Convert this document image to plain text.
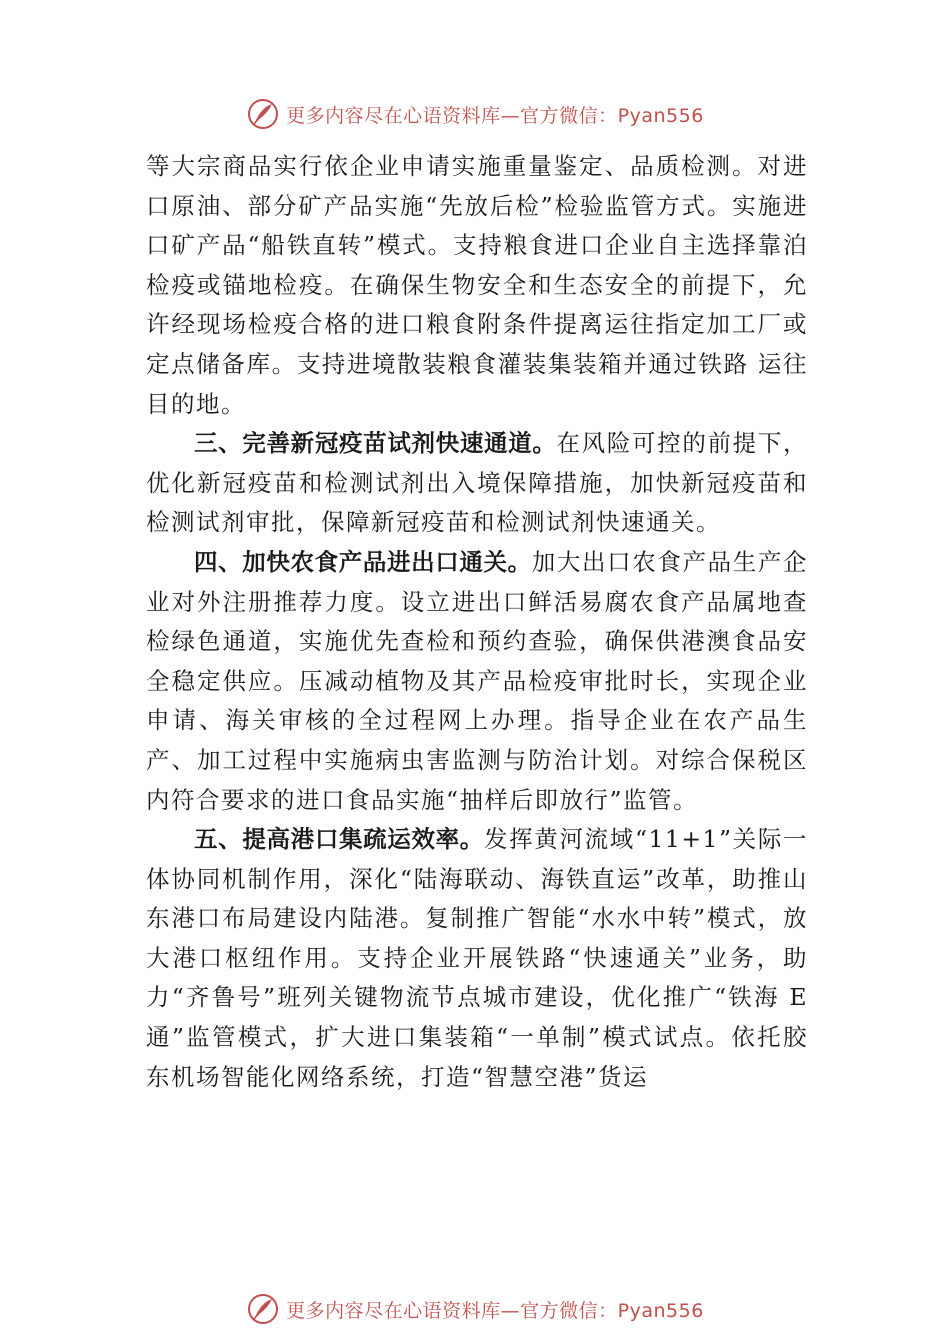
更多内容尽在心语资料库—官方微信：Pyan556

等大宗商品实行依企业申请实施重量鉴定、品质检测。对进口原油、部分矿产品实施“先放后检”检验监管方式。实施进口矿产品“船铁直转”模式。支持粮食进口企业自主选择靠泊检疫或锚地检疫。在确保生物安全和生态安全的前提下，允许经现场检疫合格的进口粮食附条件提离运往指定加工厂或定点储备库。支持进境散装粮食灌装集装箱并通过铁路 运往目的地。

三、完善新冠疫苗试剂快速通道。在风险可控的前提下，优化新冠疫苗和检测试剂出入境保障措施，加快新冠疫苗和检测试剂审批，保障新冠疫苗和检测试剂快速通关。

四、加快农食产品进出口通关。加大出口农食产品生产企业对外注册推荐力度。设立进出口鲜活易腐农食产品属地查检绿色通道，实施优先查检和预约查验，确保供港澳食品安全稳定供应。压减动植物及其产品检疫审批时长，实现企业申请、海关审核的全过程网上办理。指导企业在农产品生产、加工过程中实施病虫害监测与防治计划。对综合保税区内符合要求的进口食品实施“抽样后即放行”监管。

五、提高港口集疏运效率。发挥黄河流域“11+1”关际一体协同机制作用，深化“陆海联动、海铁直运”改革，助推山东港口布局建设内陆港。复制推广智能“水水中转”模式，放大港口枢纽作用。支持企业开展铁路“快速通关”业务，助力“齐鲁号”班列关键物流节点城市建设，优化推广“铁海 E 通”监管模式，扩大进口集装箱“一单制”模式试点。依托胶东机场智能化网络系统，打造“智慧空港”货运

更多内容尽在心语资料库—官方微信：Pyan556
